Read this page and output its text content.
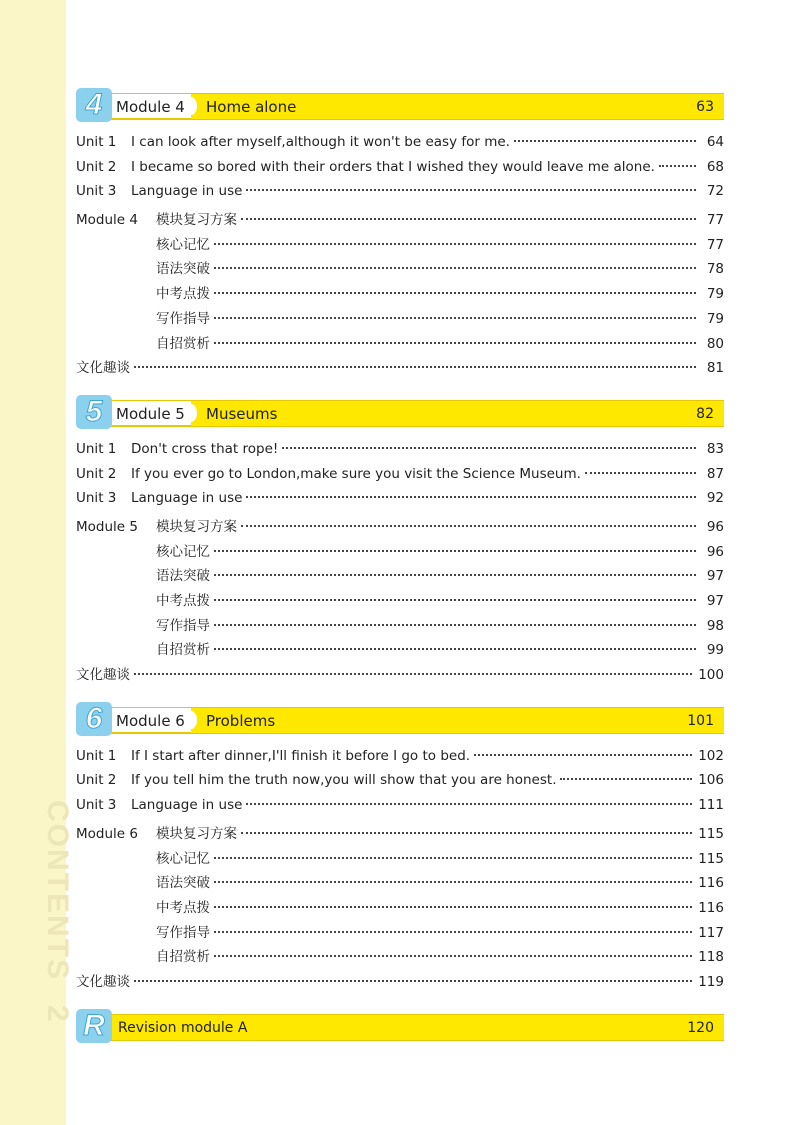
CONTENTS 2
Module 4
4	Home alone	63
Unit 1	I can look after myself,although it won't be easy for me.	64
Unit 2	I became so bored with their orders that I wished they would leave me alone.	68
Unit 3	Language in use	72
Module 4	模块复习方案	77
核心记忆	77
语法突破	78
中考点拨	79
写作指导	79
自招赏析	80
文化趣谈	81
Module 5
5	Museums	82
Unit 1	Don't cross that rope!	83
Unit 2	If you ever go to London,make sure you visit the Science Museum.	87
Unit 3	Language in use	92
Module 5	模块复习方案	96
核心记忆	96
语法突破	97
中考点拨	97
写作指导	98
自招赏析	99
文化趣谈	100
Module 6
6	Problems	101
Unit 1	If I start after dinner,I'll finish it before I go to bed.	102
Unit 2	If you tell him the truth now,you will show that you are honest.	106
Unit 3	Language in use	111
Module 6	模块复习方案	115
核心记忆	115
语法突破	116
中考点拨	116
写作指导	117
自招赏析	118
文化趣谈	119
R Revision module A	120
